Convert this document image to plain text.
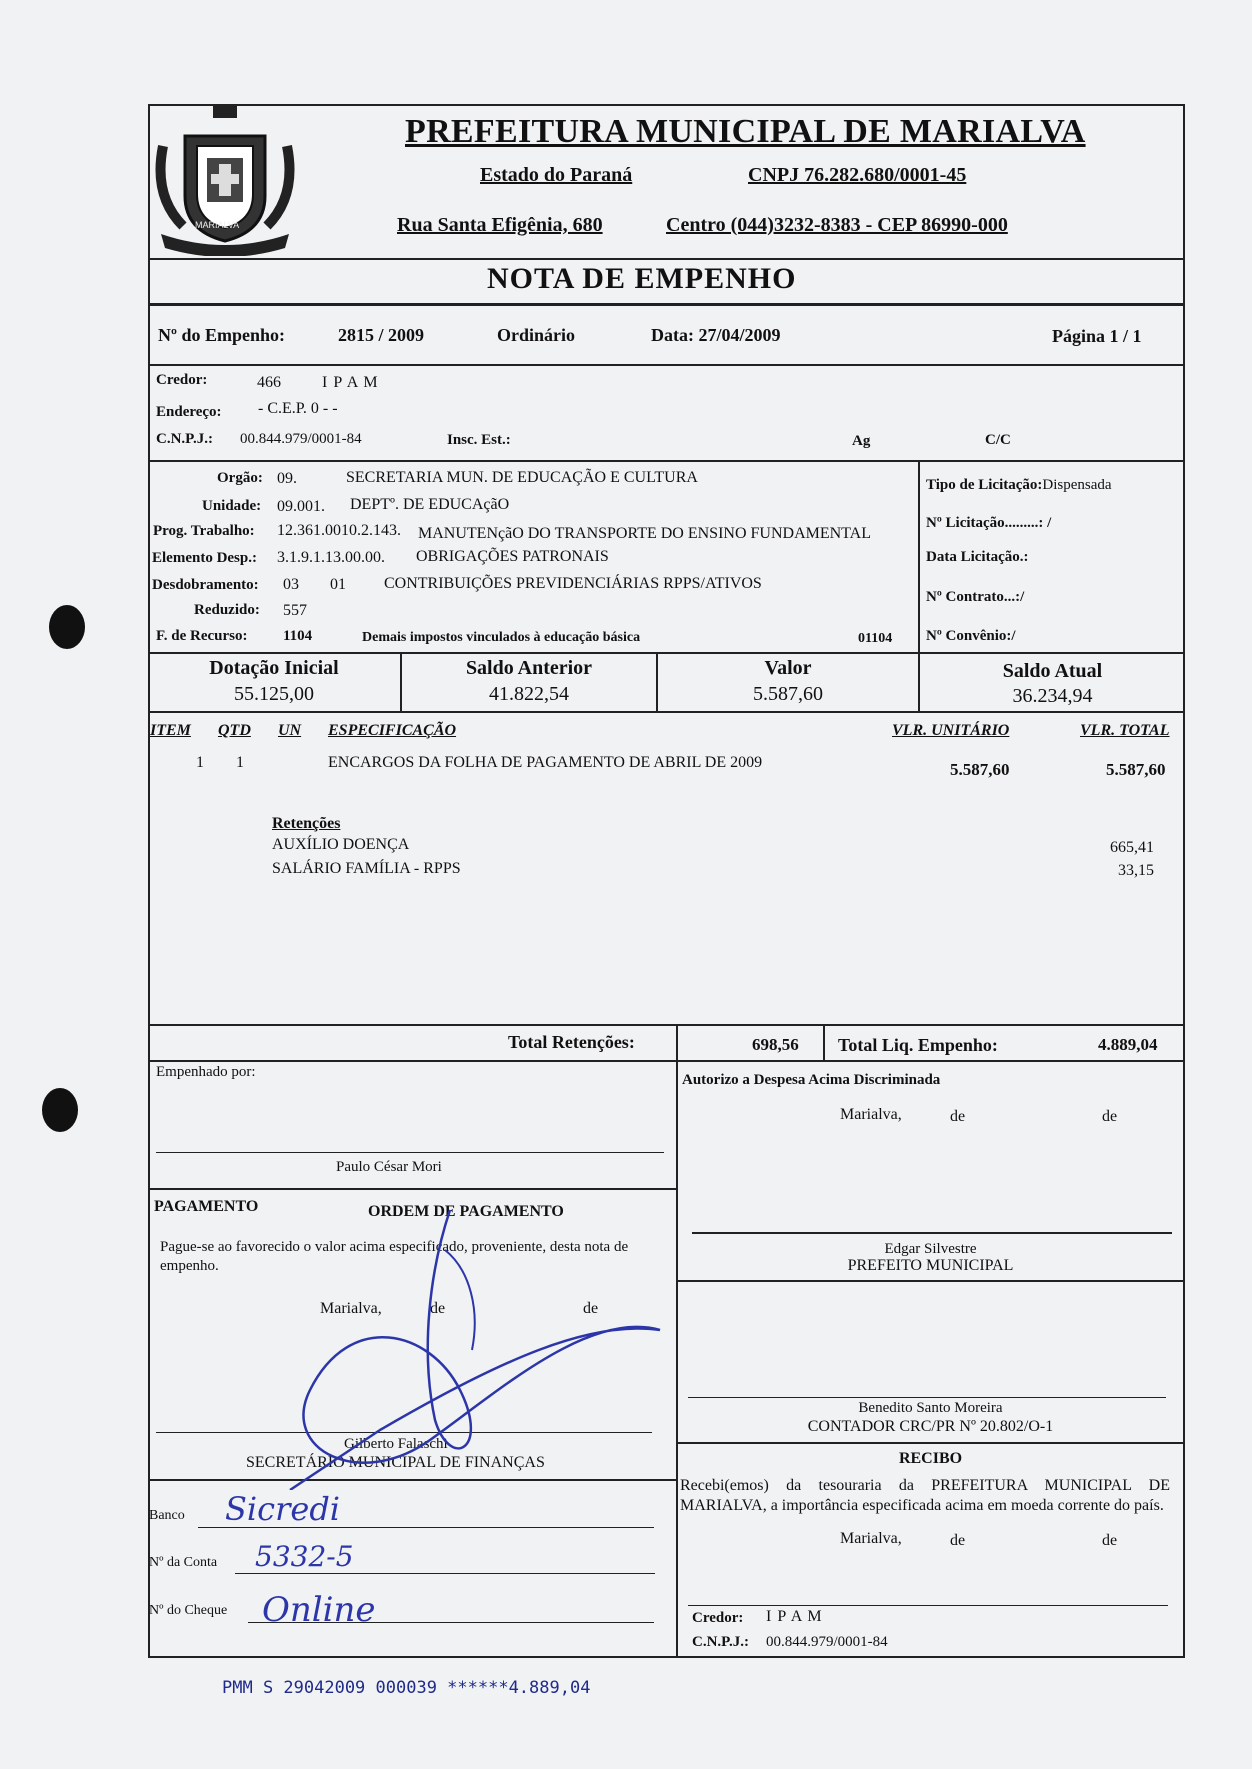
MARIALVA
PREFEITURA MUNICIPAL DE MARIALVA
Estado do Paraná	CNPJ 76.282.680/0001-45
Rua Santa Efigênia, 680	Centro (044)3232-8383 - CEP 86990-000
NOTA DE EMPENHO
Nº do Empenho:	2815 / 2009	Ordinário	Data: 27/04/2009	Página 1 / 1
Credor:	466	I P A M
Endereço: - C.E.P. 0 - -
C.N.P.J.: 00.844.979/0001-84	Insc. Est.:	Ag	C/C
Orgão: 09.	SECRETARIA MUN. DE EDUCAÇÃO E CULTURA
Unidade: 09.001. DEPTº. DE EDUCAçãO
Prog. Trabalho: 12.361.0010.2.143. MANUTENçãO DO TRANSPORTE DO ENSINO FUNDAMENTAL
Elemento Desp.: 3.1.9.1.13.00.00. OBRIGAÇÕES PATRONAIS
Desdobramento: 03 01 CONTRIBUIÇÕES PREVIDENCIÁRIAS RPPS/ATIVOS
Reduzido: 557
F. de Recurso: 1104	Demais impostos vinculados à educação básica	01104
Tipo de Licitação:Dispensada
Nº Licitação.........: /
Data Licitação.:
Nº Contrato...:/
Nº Convênio:/
Dotação Inicial
55.125,00
Saldo Anterior
41.822,54
Valor
5.587,60
Saldo Atual
36.234,94
ITEM QTD UN ESPECIFICAÇÃO	VLR. UNITÁRIO	VLR. TOTAL
1 1	ENCARGOS DA FOLHA DE PAGAMENTO DE ABRIL DE 2009	5.587,60	5.587,60
Retenções
AUXÍLIO DOENÇA	665,41
SALÁRIO FAMÍLIA - RPPS	33,15
Total Retenções:	698,56 Total Liq. Empenho:	4.889,04
Empenhado por:
Paulo César Mori
PAGAMENTO	ORDEM DE PAGAMENTO
Pague-se ao favorecido o valor acima especificado, proveniente, desta nota de empenho.
Marialva,	de	de
Gilberto Falaschi
SECRETÁRIO MUNICIPAL DE FINANÇAS
Banco Sicredi
Nº da Conta 5332-5
Nº do Cheque Online
Autorizo a Despesa Acima Discriminada
Marialva,	de	de
Edgar Silvestre
PREFEITO MUNICIPAL
Benedito Santo Moreira
CONTADOR CRC/PR Nº 20.802/O-1
RECIBO
Recebi(emos) da tesouraria da PREFEITURA MUNICIPAL DE MARIALVA, a importância especificada acima em moeda corrente do país.
Marialva,	de	de
Credor: I P A M
C.N.P.J.: 00.844.979/0001-84
PMM S 29042009 000039 ******4.889,04
